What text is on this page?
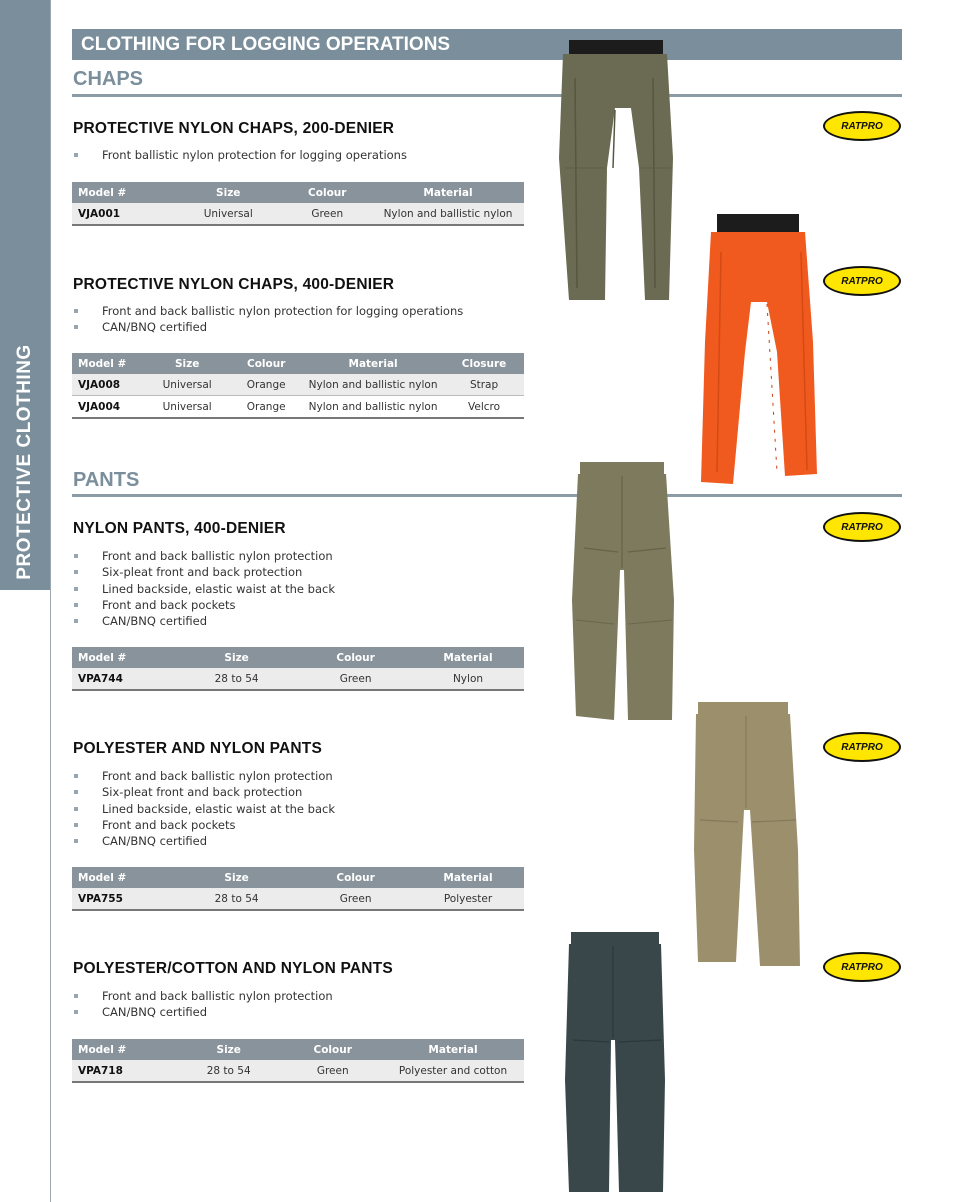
PROTECTIVE CLOTHING
CLOTHING FOR LOGGING OPERATIONS
CHAPS
PROTECTIVE NYLON CHAPS, 200-DENIER
Front ballistic nylon protection for logging operations
Model #	Size	Colour	Material
VJA001	Universal	Green	Nylon and ballistic nylon
RATPRO
PROTECTIVE NYLON CHAPS, 400-DENIER
Front and back ballistic nylon protection for logging operations
CAN/BNQ certified
Model #	Size	Colour	Material	Closure
VJA008	Universal	Orange	Nylon and ballistic nylon	Strap
VJA004	Universal	Orange	Nylon and ballistic nylon	Velcro
RATPRO
PANTS
NYLON PANTS, 400-DENIER
Front and back ballistic nylon protection
Six-pleat front and back protection
Lined backside, elastic waist at the back
Front and back pockets
CAN/BNQ certified
Model #	Size	Colour	Material
VPA744	28 to 54	Green	Nylon
RATPRO
POLYESTER AND NYLON PANTS
Front and back ballistic nylon protection
Six-pleat front and back protection
Lined backside, elastic waist at the back
Front and back pockets
CAN/BNQ certified
Model #	Size	Colour	Material
VPA755	28 to 54	Green	Polyester
RATPRO
POLYESTER/COTTON AND NYLON PANTS
Front and back ballistic nylon protection
CAN/BNQ certified
Model #	Size	Colour	Material
VPA718	28 to 54	Green	Polyester and cotton
RATPRO
